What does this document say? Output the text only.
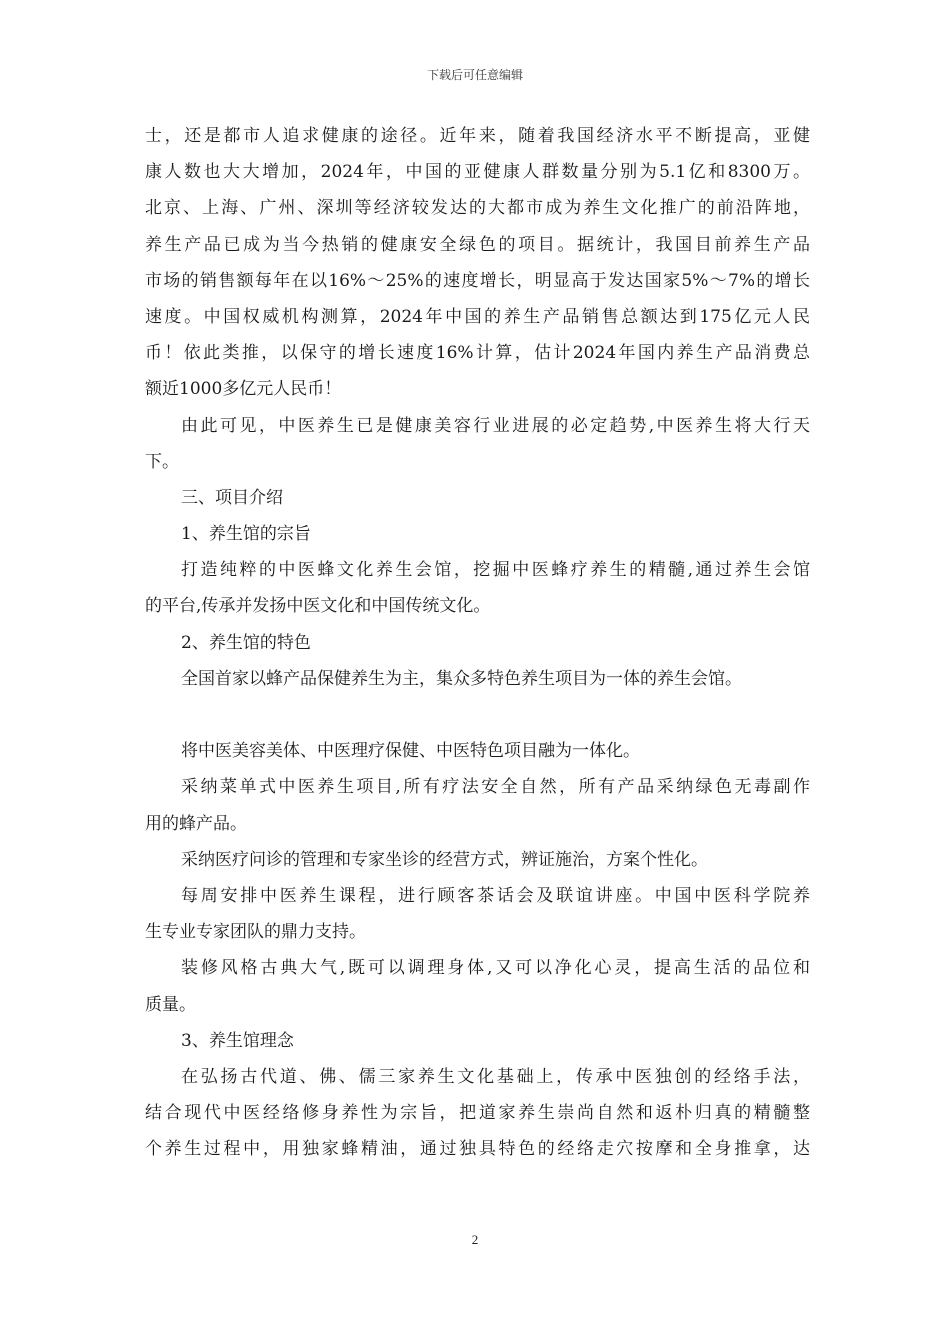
下载后可任意编辑
士，还是都市人追求健康的途径。近年来，随着我国经济水平不断提高，亚健
康人数也大大增加，2024年，中国的亚健康人群数量分别为5.1亿和8300万。
北京、上海、广州、深圳等经济较发达的大都市成为养生文化推广的前沿阵地，
养生产品已成为当今热销的健康安全绿色的项目。据统计，我国目前养生产品
市场的销售额每年在以16%～25%的速度增长，明显高于发达国家5%～7%的增长
速度。中国权威机构测算，2024年中国的养生产品销售总额达到175亿元人民
币！依此类推，以保守的增长速度16%计算，估计2024年国内养生产品消费总
额近1000多亿元人民币！
由此可见，中医养生已是健康美容行业进展的必定趋势,中医养生将大行天
下。
三、项目介绍
1、养生馆的宗旨
打造纯粹的中医蜂文化养生会馆，挖掘中医蜂疗养生的精髓,通过养生会馆
的平台,传承并发扬中医文化和中国传统文化。
2、养生馆的特色
全国首家以蜂产品保健养生为主，集众多特色养生项目为一体的养生会馆。
将中医美容美体、中医理疗保健、中医特色项目融为一体化。
采纳菜单式中医养生项目,所有疗法安全自然，所有产品采纳绿色无毒副作
用的蜂产品。
采纳医疗问诊的管理和专家坐诊的经营方式，辨证施治，方案个性化。
每周安排中医养生课程，进行顾客茶话会及联谊讲座。中国中医科学院养
生专业专家团队的鼎力支持。
装修风格古典大气,既可以调理身体,又可以净化心灵，提高生活的品位和
质量。
3、养生馆理念
在弘扬古代道、佛、儒三家养生文化基础上，传承中医独创的经络手法，
结合现代中医经络修身养性为宗旨，把道家养生崇尚自然和返朴归真的精髓整
个养生过程中，用独家蜂精油，通过独具特色的经络走穴按摩和全身推拿，达
2
